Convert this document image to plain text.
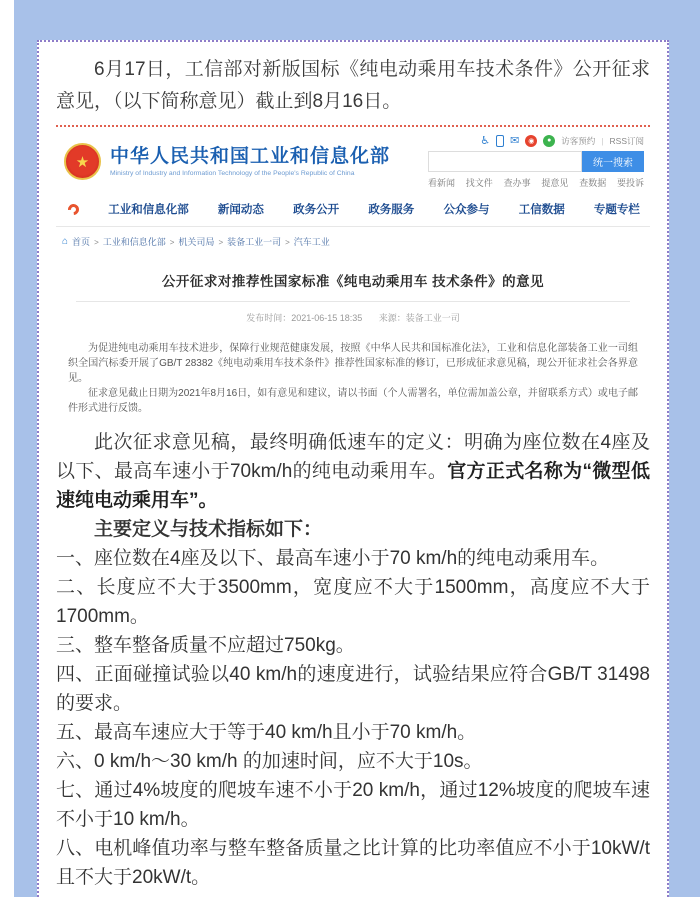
6月17日，工信部对新版国标《纯电动乘用车技术条件》公开征求意见，（以下简称意见）截止到8月16日。

★	中华人民共和国工业和信息化部
Ministry of Industry and Information Technology of the People's Republic of China
♿ ✉	◉	●	访客预约 | RSS订阅
统一搜索
看新闻 找文件 查办事 提意见 查数据 要投诉
工业和信息化部	新闻动态	政务公开	政务服务	公众参与	工信数据	专题专栏
⌂ 首页 > 工业和信息化部 > 机关司局 > 装备工业一司 > 汽车工业
公开征求对推荐性国家标准《纯电动乘用车 技术条件》的意见
发布时间：2021-06-15 18:35 来源：装备工业一司

为促进纯电动乘用车技术进步，保障行业规范健康发展，按照《中华人民共和国标准化法》，工业和信息化部装备工业一司组织全国汽标委开展了GB/T 28382《纯电动乘用车技术条件》推荐性国家标准的修订，已形成征求意见稿，现公开征求社会各界意见。

征求意见截止日期为2021年8月16日，如有意见和建议，请以书面（个人需署名，单位需加盖公章，并留联系方式）或电子邮件形式进行反馈。

此次征求意见稿，最终明确低速车的定义：明确为座位数在4座及以下、最高车速小于70km/h的纯电动乘用车。官方正式名称为“微型低速纯电动乘用车”。

主要定义与技术指标如下：

一、座位数在4座及以下、最高车速小于70 km/h的纯电动乘用车。

二、长度应不大于3500mm，宽度应不大于1500mm，高度应不大于1700mm。

三、整车整备质量不应超过750kg。

四、正面碰撞试验以40 km/h的速度进行，试验结果应符合GB/T 31498的要求。

五、最高车速应大于等于40 km/h且小于70 km/h。

六、0 km/h～30 km/h 的加速时间，应不大于10s。

七、通过4%坡度的爬坡车速不小于20 km/h，通过12%坡度的爬坡车速不小于10 km/h。

八、电机峰值功率与整车整备质量之比计算的比功率值应不小于10kW/t且不大于20kW/t。
